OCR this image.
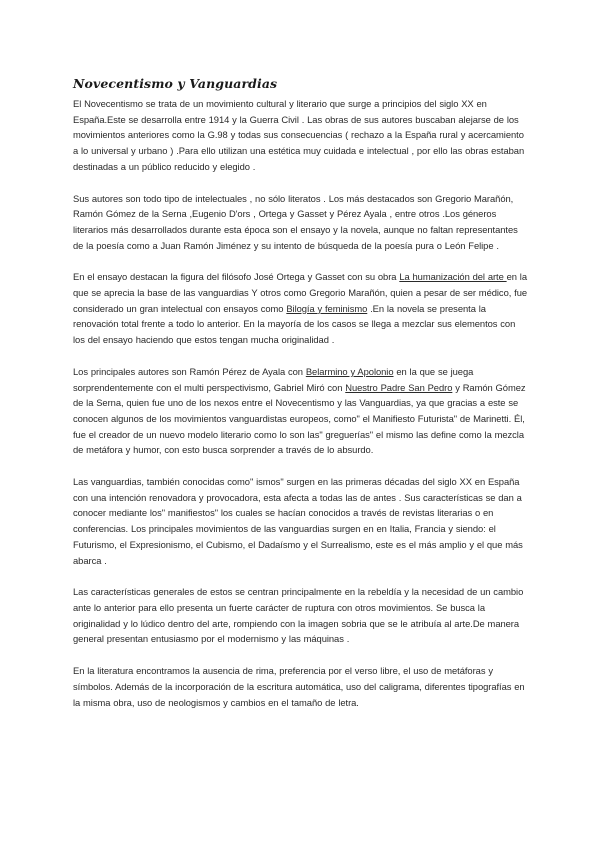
Novecentismo y Vanguardias

El Novecentismo se trata de un movimiento cultural y literario que surge a principios del siglo XX en España.Este se desarrolla entre 1914 y la Guerra Civil . Las obras de sus autores buscaban alejarse de los movimientos anteriores como la G.98 y todas sus consecuencias ( rechazo a la España rural y acercamiento a lo universal y urbano ) .Para ello utilizan una estética muy cuidada e intelectual , por ello las obras estaban destinadas a un público reducido y elegido .

Sus autores son todo tipo de intelectuales , no sólo literatos . Los más destacados son Gregorio Marañón, Ramón Gómez de la Serna ,Eugenio D'ors , Ortega y Gasset y Pérez Ayala , entre otros .Los géneros literarios más desarrollados durante esta época son el ensayo y la novela, aunque no faltan representantes de la poesía como a Juan Ramón Jiménez y su intento de búsqueda de la poesía pura o León Felipe .

En el ensayo destacan la figura del filósofo José Ortega y Gasset con su obra La humanización del arte en la que se aprecia la base de las vanguardias Y otros como Gregorio Marañón, quien a pesar de ser médico, fue considerado un gran intelectual con ensayos como Bilogía y feminismo .En la novela se presenta la renovación total frente a todo lo anterior. En la mayoría de los casos se llega a mezclar sus elementos con los del ensayo haciendo que estos tengan mucha originalidad .

Los principales autores son Ramón Pérez de Ayala con Belarmino y Apolonio en la que se juega sorprendentemente con el multi perspectivismo, Gabriel Miró con Nuestro Padre San Pedro y Ramón Gómez de la Serna, quien fue uno de los nexos entre el Novecentismo y las Vanguardias, ya que gracias a este se conocen algunos de los movimientos vanguardistas europeos, como" el Manifiesto Futurista" de Marinetti. Él, fue el creador de un nuevo modelo literario como lo son las" greguerías" el mismo las define como la mezcla de metáfora y humor, con esto busca sorprender a través de lo absurdo.

Las vanguardias, también conocidas como" ismos" surgen en las primeras décadas del siglo XX en España con una intención renovadora y provocadora, esta afecta a todas las de antes . Sus características se dan a conocer mediante los" manifiestos" los cuales se hacían conocidos a través de revistas literarias o en conferencias. Los principales movimientos de las vanguardias surgen en en Italia, Francia y siendo: el Futurismo, el Expresionismo, el Cubismo, el Dadaísmo y el Surrealismo, este es el más amplio y el que más abarca .

Las características generales de estos se centran principalmente en la rebeldía y la necesidad de un cambio ante lo anterior para ello presenta un fuerte carácter de ruptura con otros movimientos. Se busca la originalidad y lo lúdico dentro del arte, rompiendo con la imagen sobria que se le atribuía al arte.De manera general presentan entusiasmo por el modernismo y las máquinas .

En la literatura encontramos la ausencia de rima, preferencia por el verso libre, el uso de metáforas y símbolos. Además de la incorporación de la escritura automática, uso del caligrama, diferentes tipografías en la misma obra, uso de neologismos y cambios en el tamaño de letra.
